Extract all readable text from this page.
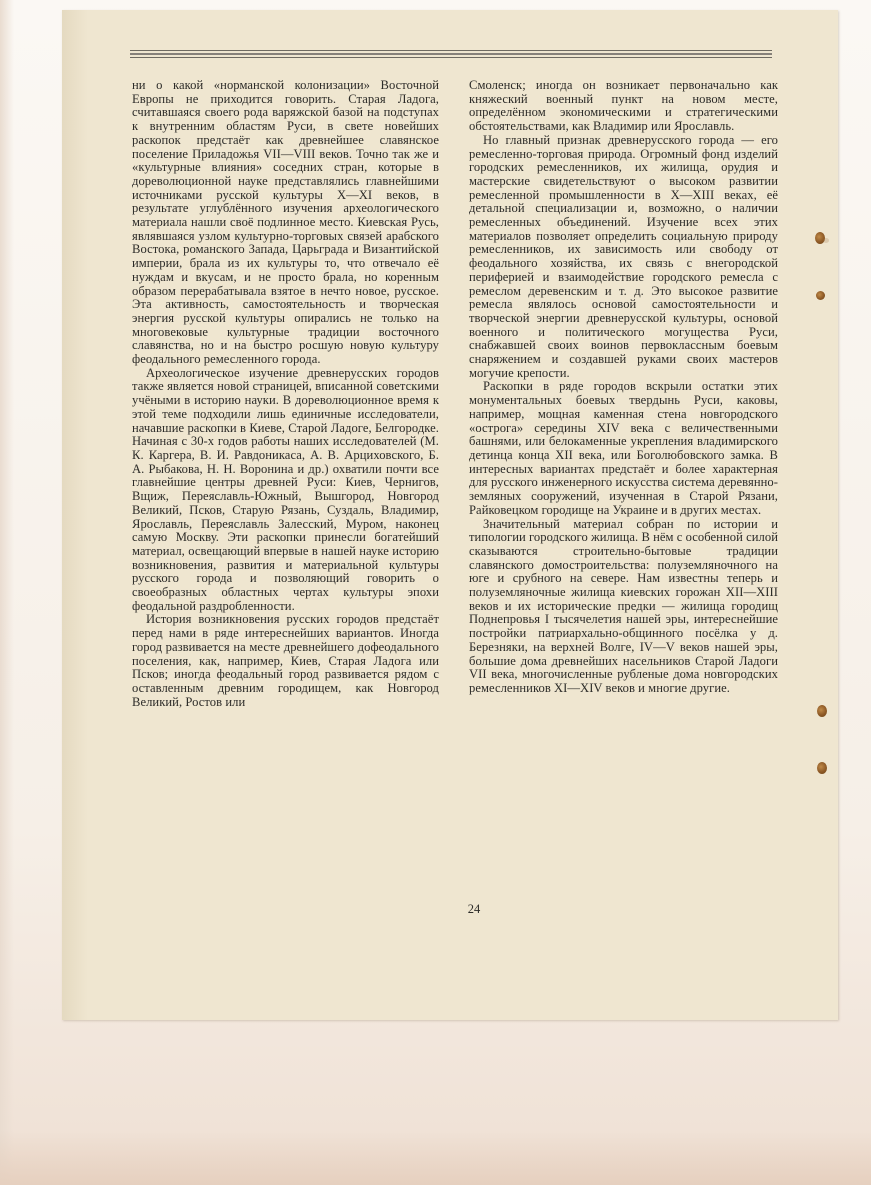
ни о какой «норманской колонизации» Восточной Европы не приходится говорить. Старая Ладога, считавшаяся своего рода варяжской базой на подступах к внутренним областям Руси, в свете новейших раскопок предстаёт как древнейшее славянское поселение Приладожья VII—VIII веков. Точно так же и «культурные влияния» соседних стран, которые в дореволюционной науке представлялись главнейшими источниками русской культуры X—XI веков, в результате углублённого изучения археологического материала нашли своё подлинное место. Киевская Русь, являвшаяся узлом культурно-торговых связей арабского Востока, романского Запада, Царьграда и Византийской империи, брала из их культуры то, что отвечало её нуждам и вкусам, и не просто брала, но коренным образом перерабатывала взятое в нечто новое, русское. Эта активность, самостоятельность и творческая энергия русской культуры опирались не только на многовековые культурные традиции восточного славянства, но и на быстро росшую новую культуру феодального ремесленного города.

Археологическое изучение древнерусских городов также является новой страницей, вписанной советскими учёными в историю науки. В дореволюционное время к этой теме подходили лишь единичные исследователи, начавшие раскопки в Киеве, Старой Ладоге, Белгородке. Начиная с 30-х годов работы наших исследователей (М. К. Каргера, В. И. Равдоникаса, А. В. Арциховского, Б. А. Рыбакова, Н. Н. Воронина и др.) охватили почти все главнейшие центры древней Руси: Киев, Чернигов, Вщиж, Переяславль-Южный, Вышгород, Новгород Великий, Псков, Старую Рязань, Суздаль, Владимир, Ярославль, Переяславль Залесский, Муром, наконец самую Москву. Эти раскопки принесли богатейший материал, освещающий впервые в нашей науке историю возникновения, развития и материальной культуры русского города и позволяющий говорить о своеобразных областных чертах культуры эпохи феодальной раздробленности.

История возникновения русских городов предстаёт перед нами в ряде интереснейших вариантов. Иногда город развивается на месте древнейшего дофеодального поселения, как, например, Киев, Старая Ладога или Псков; иногда феодальный город развивается рядом с оставленным древним городищем, как Новгород Великий, Ростов или

Смоленск; иногда он возникает первоначально как княжеский военный пункт на новом месте, определённом экономическими и стратегическими обстоятельствами, как Владимир или Ярославль.

Но главный признак древнерусского города — его ремесленно-торговая природа. Огромный фонд изделий городских ремесленников, их жилища, орудия и мастерские свидетельствуют о высоком развитии ремесленной промышленности в X—XIII веках, её детальной специализации и, возможно, о наличии ремесленных объединений. Изучение всех этих материалов позволяет определить социальную природу ремесленников, их зависимость или свободу от феодального хозяйства, их связь с внегородской периферией и взаимодействие городского ремесла с ремеслом деревенским и т. д. Это высокое развитие ремесла являлось основой самостоятельности и творческой энергии древнерусской культуры, основой военного и политического могущества Руси, снабжавшей своих воинов первоклассным боевым снаряжением и создавшей руками своих мастеров могучие крепости.

Раскопки в ряде городов вскрыли остатки этих монументальных боевых твердынь Руси, каковы, например, мощная каменная стена новгородского «острога» середины XIV века с величественными башнями, или белокаменные укрепления владимирского детинца конца XII века, или Боголюбовского замка. В интересных вариантах предстаёт и более характерная для русского инженерного искусства система деревянно-земляных сооружений, изученная в Старой Рязани, Райковецком городище на Украине и в других местах.

Значительный материал собран по истории и типологии городского жилища. В нём с особенной силой сказываются строительно-бытовые традиции славянского домостроительства: полуземляночного на юге и срубного на севере. Нам известны теперь и полуземляночные жилища киевских горожан XII—XIII веков и их исторические предки — жилища городищ Поднепровья I тысячелетия нашей эры, интереснейшие постройки патриархально-общинного посёлка у д. Березняки, на верхней Волге, IV—V веков нашей эры, большие дома древнейших насельников Старой Ладоги VII века, многочисленные рубленые дома новгородских ремесленников XI—XIV веков и многие другие.

24
